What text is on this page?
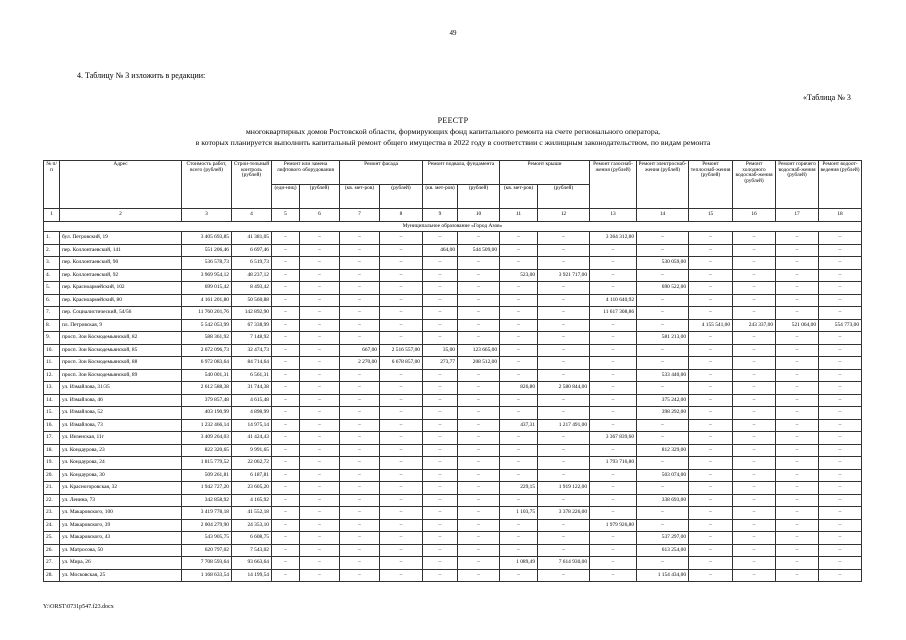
49
4. Таблицу № 3 изложить в редакции:
«Таблица № 3
РЕЕСТР
многоквартирных домов Ростовской области, формирующих фонд капитального ремонта на счете регионального оператора,
в которых планируется выполнить капитальный ремонт общего имущества в 2022 году в соответствии с жилищным законодательством, по видам ремонта
№ п/п	Адрес	Стоимость работ, всего (рублей)	Строи-тельный контроль (рублей)	Ремонт или замена лифтового оборудования		Ремонт фасада		Ремонт подвала, фундамента		Ремонт крыши		Ремонт газоснаб-жения (рублей)	Ремонт электроснаб-жения (рублей)	Ремонт теплоснаб-жения (рублей)	Ремонт холодного водоснаб-жения (рублей)	Ремонт горячего водоснаб-жения (рублей)	Ремонт водоот-ведения (рублей)
				(еди-ниц)	(рублей)	(кв. мет-ров)	(рублей)	(кв. мет-ров)	(рублей)	(кв. мет-ров)	(рублей)						
1	2	3	4	5	6	7	8	9	10	11	12	13	14	15	16	17	18
Муниципальное образование «Город Азов»																	
1.	бул. Петровский, 19	3 405 693,85	41 381,05	–	–	–	–	–	–	–	–	3 364 312,80	–	–	–	–	–
2.	пер. Коллонтаевский, 141	551 206,46	6 697,46	–	–	–	–	464,00	544 509,00	–	–	–	–	–	–	–	–
3.	пер. Коллонтаевский, 90	536 578,73	6 519,73	–	–	–	–	–	–	–	–	–	530 059,00	–	–	–	–
4.	пер. Коллонтаевский, 92	3 969 954,12	48 237,12	–	–	–	–	–	–	523,00	3 921 717,00	–	–	–	–	–	–
5.	пер. Красноармейский, 102	699 015,42	8 493,42	–	–	–	–	–	–	–	–	–	690 522,00	–	–	–	–
6.	пер. Красноармейский, 80	4 161 201,80	50 560,88	–	–	–	–	–	–	–	–	4 110 640,92	–	–	–	–	–
7.	пер. Социалистический, 54/56	11 760 201,76	142 892,90	–	–	–	–	–	–	–	–	11 617 308,86	–	–	–	–	–
8.	пл. Петровская, 9	5 542 053,99	67 338,99	–	–	–	–	–	–	–	–	–	–	4 155 541,00	243 337,00	521 064,00	554 773,00
9.	просп. Зои Космодемьянской, 82	588 361,92	7 148,92	–	–	–	–	–	–	–	–	–	581 213,00	–	–	–	–
10.	просп. Зои Космодемьянской, 85	2 672 096,73	32 474,73	–	–	667,00	2 516 557,00	35,00	123 665,00	–	–	–	–	–	–	–	–
11.	просп. Зои Космодемьянской, 88	6 972 083,64	84 714,64	–	–	2 270,00	6 678 857,00	273,77	208 512,00	–	–	–	–	–	–	–	–
12.	просп. Зои Космодемьянской, 89	540 001,31	6 561,31	–	–	–	–	–	–	–	–	–	533 440,00	–	–	–	–
13.	ул. Измайлова, 31/35	2 612 588,38	31 744,38	–	–	–	–	–	–	826,80	2 580 844,00	–	–	–	–	–	–
14.	ул. Измайлова, 46	379 857,48	4 615,48	–	–	–	–	–	–	–	–	–	375 242,00	–	–	–	–
15.	ул. Измайлова, 52	403 190,99	4 898,99	–	–	–	–	–	–	–	–	–	398 292,00	–	–	–	–
16.	ул. Измайлова, 73	1 232 466,14	14 975,14	–	–	–	–	–	–	437,31	1 217 491,00	–	–	–	–	–	–
17.	ул. Инзенская, 11г	3 409 264,03	41 424,43	–	–	–	–	–	–	–	–	3 367 839,60	–	–	–	–	–
18.	ул. Кондаурова, 23	822 320,65	9 991,65	–	–	–	–	–	–	–	–	–	812 329,00	–	–	–	–
19.	ул. Кондаурова, 24	1 815 779,52	22 062,72	–	–	–	–	–	–	–	–	1 793 716,80	–	–	–	–	–
20.	ул. Кондаурова, 30	509 261,81	6 187,81	–	–	–	–	–	–	–	–	–	503 074,00	–	–	–	–
21.	ул. Красногоровская, 32	1 942 727,20	23 605,20	–	–	–	–	–	–	229,15	1 919 122,00	–	–	–	–	–	–
22.	ул. Ленина, 73	342 858,92	4 165,92	–	–	–	–	–	–	–	–	–	338 693,00	–	–	–	–
23.	ул. Макаровского, 100	3 419 778,18	41 552,18	–	–	–	–	–	–	1 103,75	3 378 226,00	–	–	–	–	–	–
24.	ул. Макаровского, 39	2 004 279,90	24 353,10	–	–	–	–	–	–	–	–	1 979 926,80	–	–	–	–	–
25.	ул. Макаровского, 43	543 905,75	6 608,75	–	–	–	–	–	–	–	–	–	537 297,00	–	–	–	–
26.	ул. Матросова, 50	620 797,02	7 543,02	–	–	–	–	–	–	–	–	–	613 254,00	–	–	–	–
27.	ул. Мира, 26	7 708 593,64	93 663,64	–	–	–	–	–	–	1 089,49	7 614 930,00	–	–	–	–	–	–
28.	ул. Московская, 25	1 168 633,54	14 199,54	–	–	–	–	–	–	–	–	–	1 154 434,00	–	–	–	–
Y:\ORST\0731p547.f23.docx
